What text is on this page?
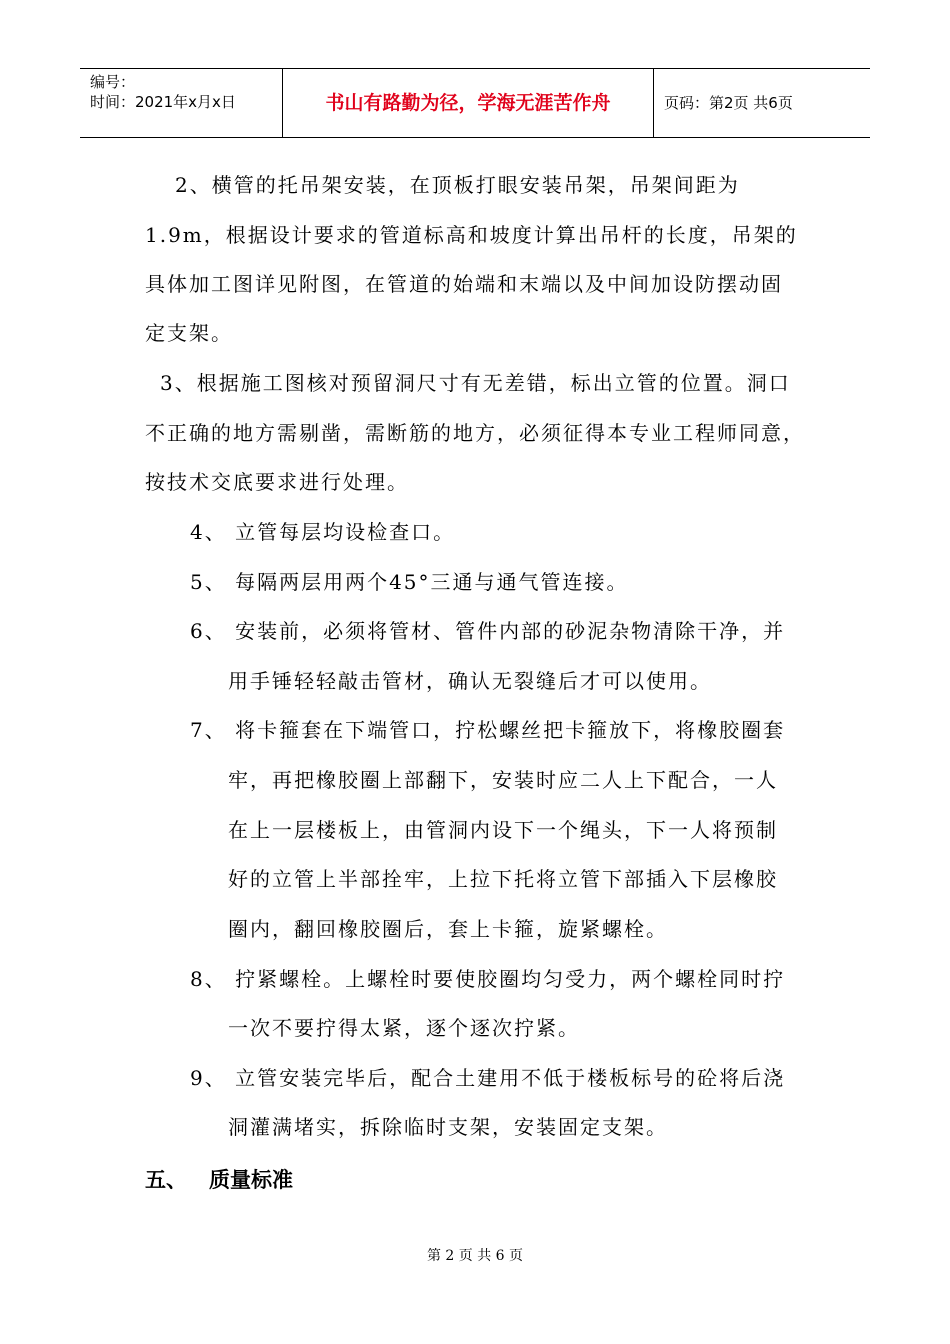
编号：
时间：2021年x月x日	书山有路勤为径，学海无涯苦作舟	页码：第2页 共6页
2、横管的托吊架安装，在顶板打眼安装吊架，吊架间距为
1.9m，根据设计要求的管道标高和坡度计算出吊杆的长度，吊架的
具体加工图详见附图，在管道的始端和末端以及中间加设防摆动固
定支架。
3、根据施工图核对预留洞尺寸有无差错，标出立管的位置。洞口
不正确的地方需剔凿，需断筋的地方，必须征得本专业工程师同意，
按技术交底要求进行处理。
4、 立管每层均设检查口。
5、 每隔两层用两个45°三通与通气管连接。
6、 安装前，必须将管材、管件内部的砂泥杂物清除干净，并
用手锤轻轻敲击管材，确认无裂缝后才可以使用。
7、 将卡箍套在下端管口，拧松螺丝把卡箍放下，将橡胶圈套
牢，再把橡胶圈上部翻下，安装时应二人上下配合，一人
在上一层楼板上，由管洞内设下一个绳头，下一人将预制
好的立管上半部拴牢，上拉下托将立管下部插入下层橡胶
圈内，翻回橡胶圈后，套上卡箍，旋紧螺栓。
8、 拧紧螺栓。上螺栓时要使胶圈均匀受力，两个螺栓同时拧
一次不要拧得太紧，逐个逐次拧紧。
9、 立管安装完毕后，配合土建用不低于楼板标号的砼将后浇
洞灌满堵实，拆除临时支架，安装固定支架。
五、 质量标准
第 2 页 共 6 页
